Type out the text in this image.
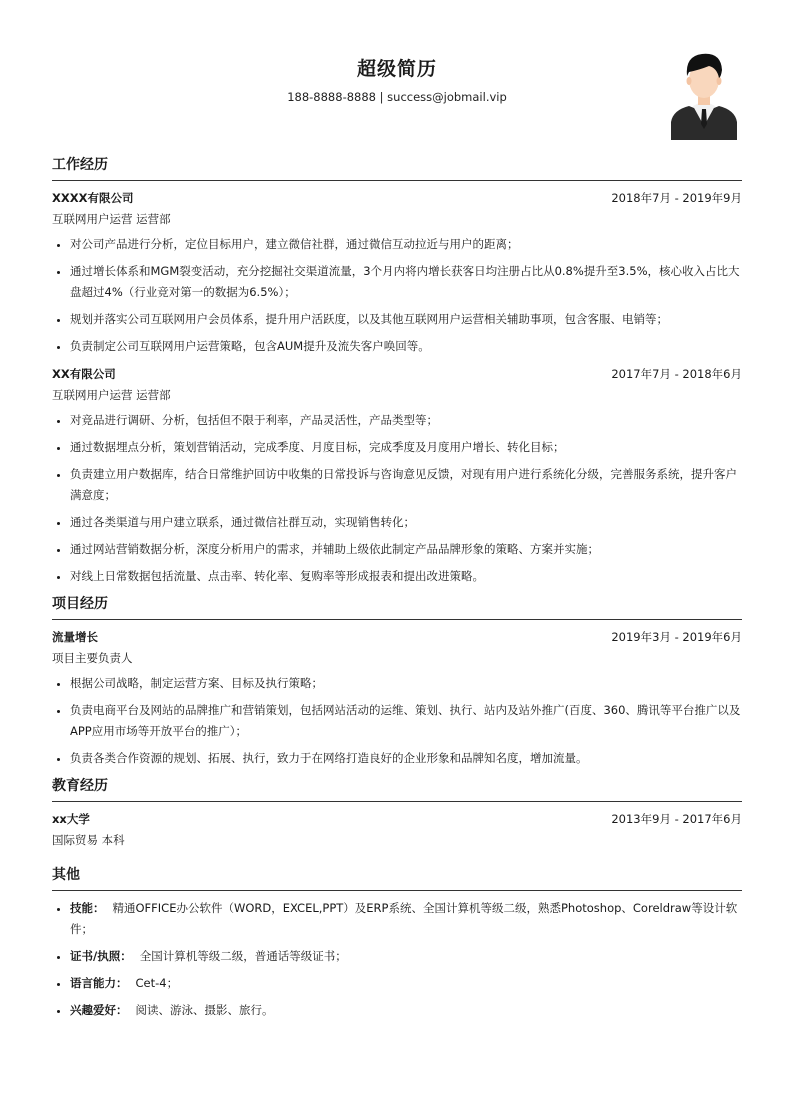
超级简历
188-8888-8888 | success@jobmail.vip
工作经历
XXXX有限公司	2018年7月 - 2019年9月
互联网用户运营 运营部
• 对公司产品进行分析，定位目标用户，建立微信社群，通过微信互动拉近与用户的距离；
• 通过增长体系和MGM裂变活动，充分挖掘社交渠道流量，3个月内将内增长获客日均注册占比从0.8%提升至3.5%，核心收入占比大盘超过4%（行业竞对第一的数据为6.5%）；
• 规划并落实公司互联网用户会员体系，提升用户活跃度，以及其他互联网用户运营相关辅助事项，包含客服、电销等；
• 负责制定公司互联网用户运营策略，包含AUM提升及流失客户唤回等。
XX有限公司	2017年7月 - 2018年6月
互联网用户运营 运营部
• 对竞品进行调研、分析，包括但不限于利率，产品灵活性，产品类型等；
• 通过数据埋点分析，策划营销活动，完成季度、月度目标，完成季度及月度用户增长、转化目标；
• 负责建立用户数据库，结合日常维护回访中收集的日常投诉与咨询意见反馈，对现有用户进行系统化分级，完善服务系统，提升客户满意度；
• 通过各类渠道与用户建立联系，通过微信社群互动，实现销售转化；
• 通过网站营销数据分析，深度分析用户的需求，并辅助上级依此制定产品品牌形象的策略、方案并实施；
• 对线上日常数据包括流量、点击率、转化率、复购率等形成报表和提出改进策略。
项目经历
流量增长	2019年3月 - 2019年6月
项目主要负责人
• 根据公司战略，制定运营方案、目标及执行策略；
• 负责电商平台及网站的品牌推广和营销策划，包括网站活动的运维、策划、执行、站内及站外推广(百度、360、腾讯等平台推广以及APP应用市场等开放平台的推广）；
• 负责各类合作资源的规划、拓展、执行，致力于在网络打造良好的企业形象和品牌知名度，增加流量。
教育经历
xx大学	2013年9月 - 2017年6月
国际贸易 本科
其他
• 技能： 精通OFFICE办公软件（WORD，EXCEL,PPT）及ERP系统、全国计算机等级二级，熟悉Photoshop、Coreldraw等设计软件；
• 证书/执照： 全国计算机等级二级，普通话等级证书；
• 语言能力： Cet-4；
• 兴趣爱好： 阅读、游泳、摄影、旅行。
